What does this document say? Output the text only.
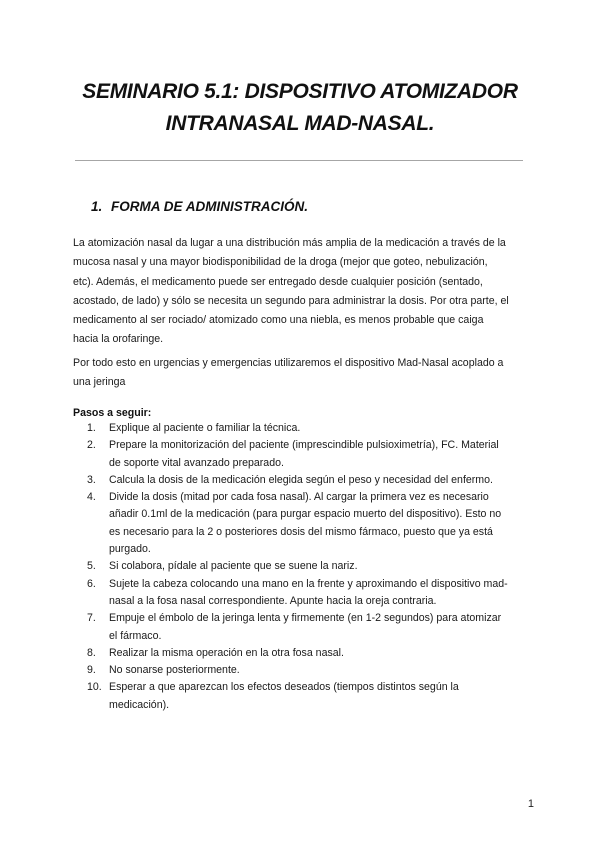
SEMINARIO 5.1: DISPOSITIVO ATOMIZADOR
INTRANASAL MAD-NASAL.
1. FORMA DE ADMINISTRACIÓN.
La atomización nasal da lugar a una distribución más amplia de la medicación a través de la
mucosa nasal y una mayor biodisponibilidad de la droga (mejor que goteo, nebulización,
etc). Además, el medicamento puede ser entregado desde cualquier posición (sentado,
acostado, de lado) y sólo se necesita un segundo para administrar la dosis. Por otra parte, el
medicamento al ser rociado/ atomizado como una niebla, es menos probable que caiga
hacia la orofaringe.
Por todo esto en urgencias y emergencias utilizaremos el dispositivo Mad-Nasal acoplado a
una jeringa
Pasos a seguir:
1. Explique al paciente o familiar la técnica.
2. Prepare la monitorización del paciente (imprescindible pulsioximetría), FC. Material
de soporte vital avanzado preparado.
3. Calcula la dosis de la medicación elegida según el peso y necesidad del enfermo.
4. Divide la dosis (mitad por cada fosa nasal). Al cargar la primera vez es necesario
añadir 0.1ml de la medicación (para purgar espacio muerto del dispositivo). Esto no
es necesario para la 2 o posteriores dosis del mismo fármaco, puesto que ya está
purgado.
5. Si colabora, pídale al paciente que se suene la nariz.
6. Sujete la cabeza colocando una mano en la frente y aproximando el dispositivo mad-
nasal a la fosa nasal correspondiente. Apunte hacia la oreja contraria.
7. Empuje el émbolo de la jeringa lenta y firmemente (en 1-2 segundos) para atomizar
el fármaco.
8. Realizar la misma operación en la otra fosa nasal.
9. No sonarse posteriormente.
10. Esperar a que aparezcan los efectos deseados (tiempos distintos según la
medicación).
1
